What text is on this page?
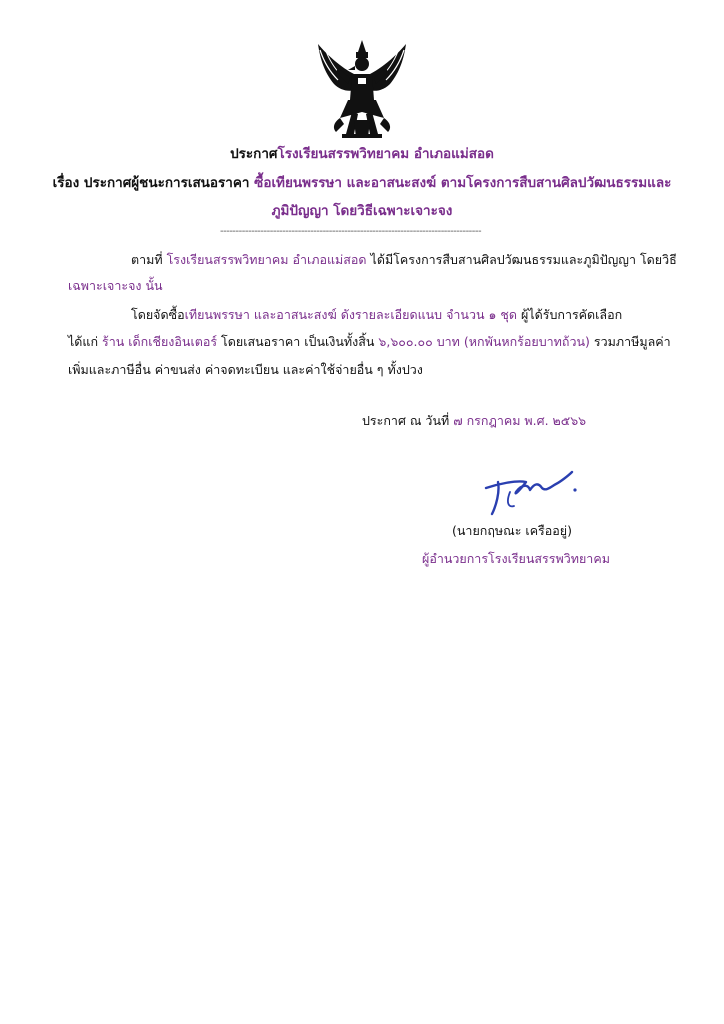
ประกาศโรงเรียนสรรพวิทยาคม อำเภอแม่สอด
เรื่อง ประกาศผู้ชนะการเสนอราคา ซื้อเทียนพรรษา และอาสนะสงฆ์ ตามโครงการสืบสานศิลปวัฒนธรรมและ
ภูมิปัญญา โดยวิธีเฉพาะเจาะจง
------------------------------------------------------------------------------------
ตามที่ โรงเรียนสรรพวิทยาคม อำเภอแม่สอด ได้มีโครงการสืบสานศิลปวัฒนธรรมและภูมิปัญญา โดยวิธี
เฉพาะเจาะจง นั้น
โดยจัดซื้อเทียนพรรษา และอาสนะสงฆ์ ดังรายละเอียดแนบ จำนวน ๑ ชุด ผู้ได้รับการคัดเลือก
ได้แก่ ร้าน เด็กเชียงอินเตอร์ โดยเสนอราคา เป็นเงินทั้งสิ้น ๖,๖๐๐.๐๐ บาท (หกพันหกร้อยบาทถ้วน) รวมภาษีมูลค่า
เพิ่มและภาษีอื่น ค่าขนส่ง ค่าจดทะเบียน และค่าใช้จ่ายอื่น ๆ ทั้งปวง
ประกาศ ณ วันที่ ๗ กรกฎาคม พ.ศ. ๒๕๖๖
(นายกฤษณะ เครืออยู่)
ผู้อำนวยการโรงเรียนสรรพวิทยาคม
